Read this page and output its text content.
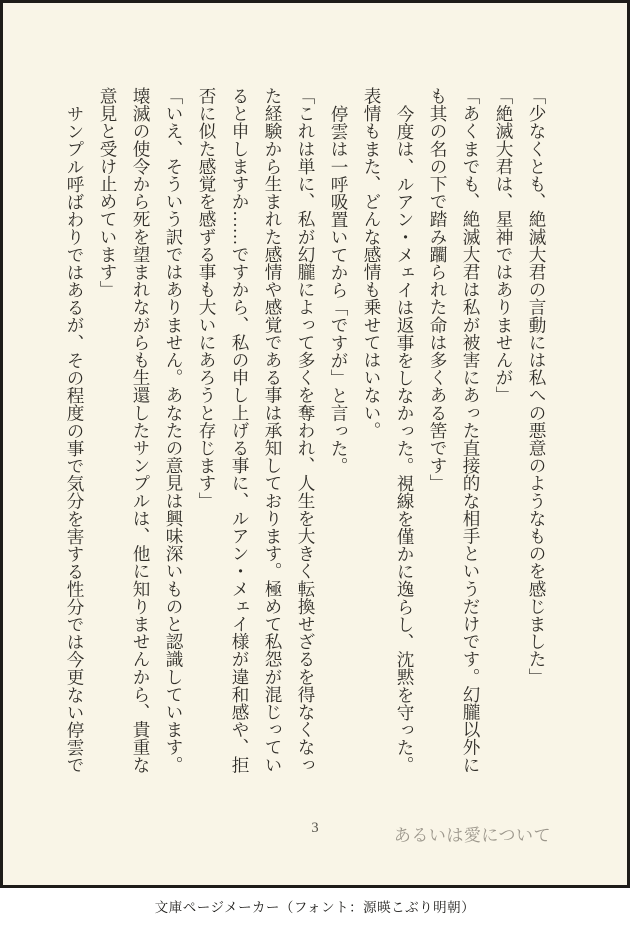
「少なくとも、絶滅大君の言動には私への悪意のようなものを感じました」

「絶滅大君は、星神ではありませんが」

「あくまでも、絶滅大君は私が被害にあった直接的な相手というだけです。幻朧以外にも其の名の下で踏み躙られた命は多くある筈です」

今度は、ルアン・メェイは返事をしなかった。視線を僅かに逸らし、沈黙を守った。表情もまた、どんな感情も乗せてはいない。

停雲は一呼吸置いてから「ですが」と言った。

「これは単に、私が幻朧によって多くを奪われ、人生を大きく転換せざるを得なくなった経験から生まれた感情や感覚である事は承知しております。極めて私怨が混じっていると申しますか……ですから、私の申し上げる事に、ルアン・メェイ様が違和感や、拒否に似た感覚を感ずる事も大いにあろうと存じます」

「いえ、そういう訳ではありません。あなたの意見は興味深いものと認識しています。壊滅の使令から死を望まれながらも生還したサンプルは、他に知りませんから、貴重な意見と受け止めています」

サンプル呼ばわりではあるが、その程度の事で気分を害する性分では今更ない停雲で

3	あるいは愛について
文庫ページメーカー（フォント：源暎こぶり明朝）
